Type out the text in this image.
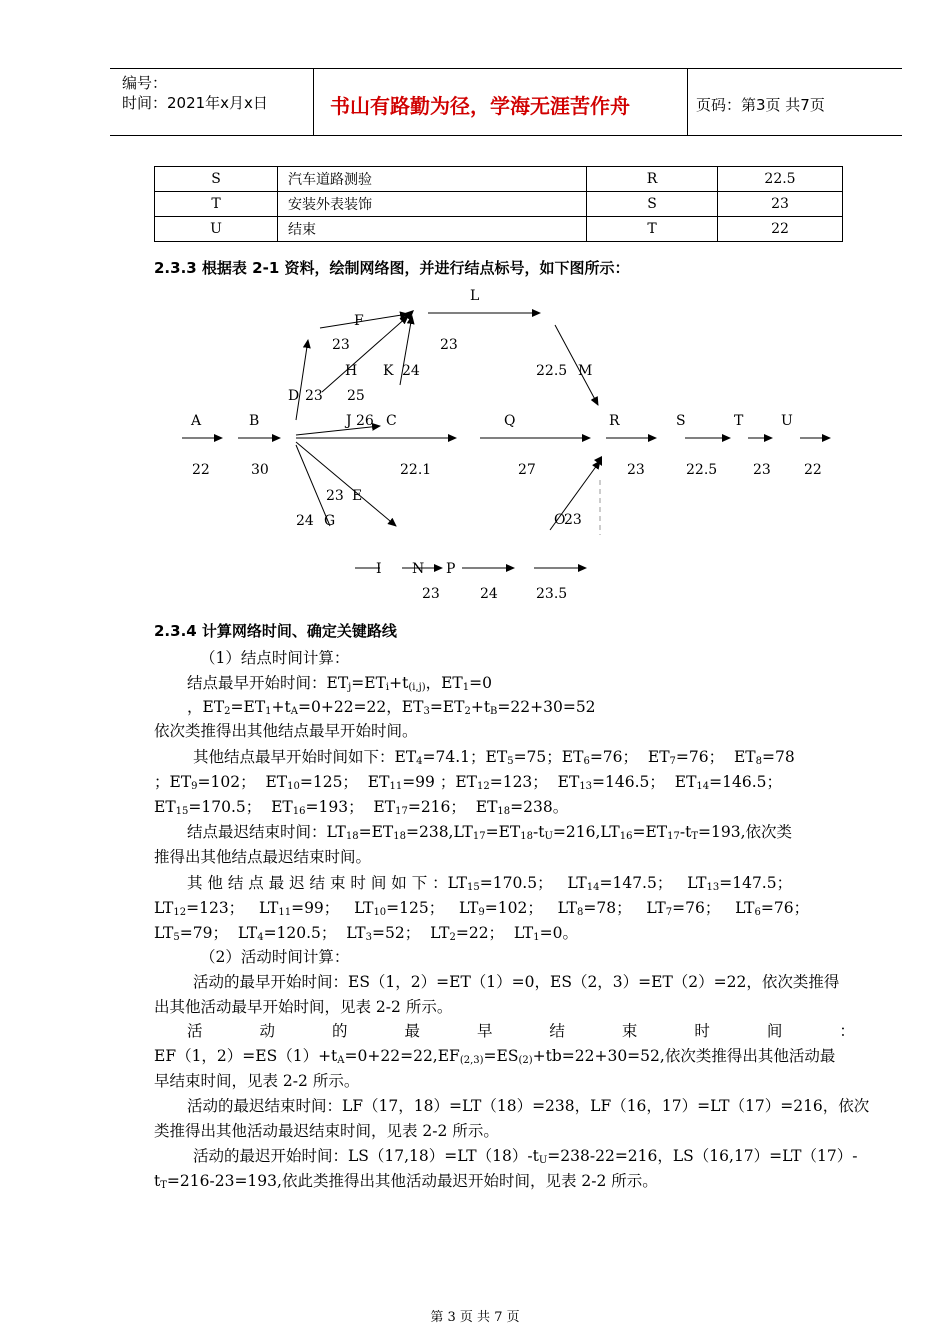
编号：
时间：2021年x月x日	书山有路勤为径，学海无涯苦作舟	页码：第3页 共7页
S	汽车道路测验	R	22.5
T	安装外表装饰	S	23
U	结束	T	22
2.3.3 根据表 2-1 资料，绘制网络图，并进行结点标号，如下图所示：
A	B	C
D
E
F
G
H
I
J
K
L
M
N
O
P
Q	R	S	T	U
22	30	22.1
23
23
23
24
25
23
26
24
23
22.5
24
23
23.5
27	23	22.5	23 22
2.3.4 计算网络时间、确定关键路线
（1）结点时间计算：
结点最早开始时间：$ET_j=ET_i+t_{(i,j)}$，$ET_1=0$
，$ET_2=ET_1+t_A=0+22=22$，$ET_3=ET_2+t_B=22+30=52$
依次类推得出其他结点最早开始时间。
其他结点最早开始时间如下：$ET_4=74.1$；$ET_5=75$；$ET_6=76$；  $ET_7=76$；  $ET_8=78$
；$ET_9=102$；  $ET_{10}=125$；  $ET_{11}=99$ ；$ET_{12}=123$；  $ET_{13}=146.5$；  $ET_{14}=146.5$；
$ET_{15}=170.5$；  $ET_{16}=193$；  $ET_{17}=216$；  $ET_{18}=238$。
结点最迟结束时间：$LT_{18}=ET_{18}=238,LT_{17}=ET_{18}-t_U=216,LT_{16}=ET_{17}-t_T=193$,依次类
推得出其他结点最迟结束时间。
其 他 结 点 最 迟 结 束 时 间 如 下 ：$LT_{15}=170.5$；   $LT_{14}=147.5$；   $LT_{13}=147.5$；
$LT_{12}=123$；   $LT_{11}=99$；   $LT_{10}=125$；   $LT_9=102$；   $LT_8=78$；   $LT_7=76$；   $LT_6=76$；
$LT_5=79$；  $LT_4=120.5$；  $LT_3=52$；  $LT_2=22$；  $LT_1=0$。
（2）活动时间计算：
活动的最早开始时间：ES（1，2）=ET（1）=0，ES（2，3）=ET（2）=22，依次类推得
出其他活动最早开始时间，见表 2-2 所示。
活	动	的	最	早	结	束	时	间	：
EF（1，$2)=ES(1)+t_A=0+22=22,EF_{(2,3)}=ES_{(2)}+tb=22+30=52$,依次类推得出其他活动最
早结束时间，见表 2-2 所示。
活动的最迟结束时间：LF（17，18）=LT（18）=238，LF（16，17）=LT（17）=216，依次
类推得出其他活动最迟结束时间，见表 2-2 所示。
活动的最迟开始时间：$LS(17,18)=LT(18)-t_U=238-22=216$，LS（16,17）=LT（17）-
$t_T=216-23=193$,依此类推得出其他活动最迟开始时间，见表 2-2 所示。
第 3 页 共 7 页
